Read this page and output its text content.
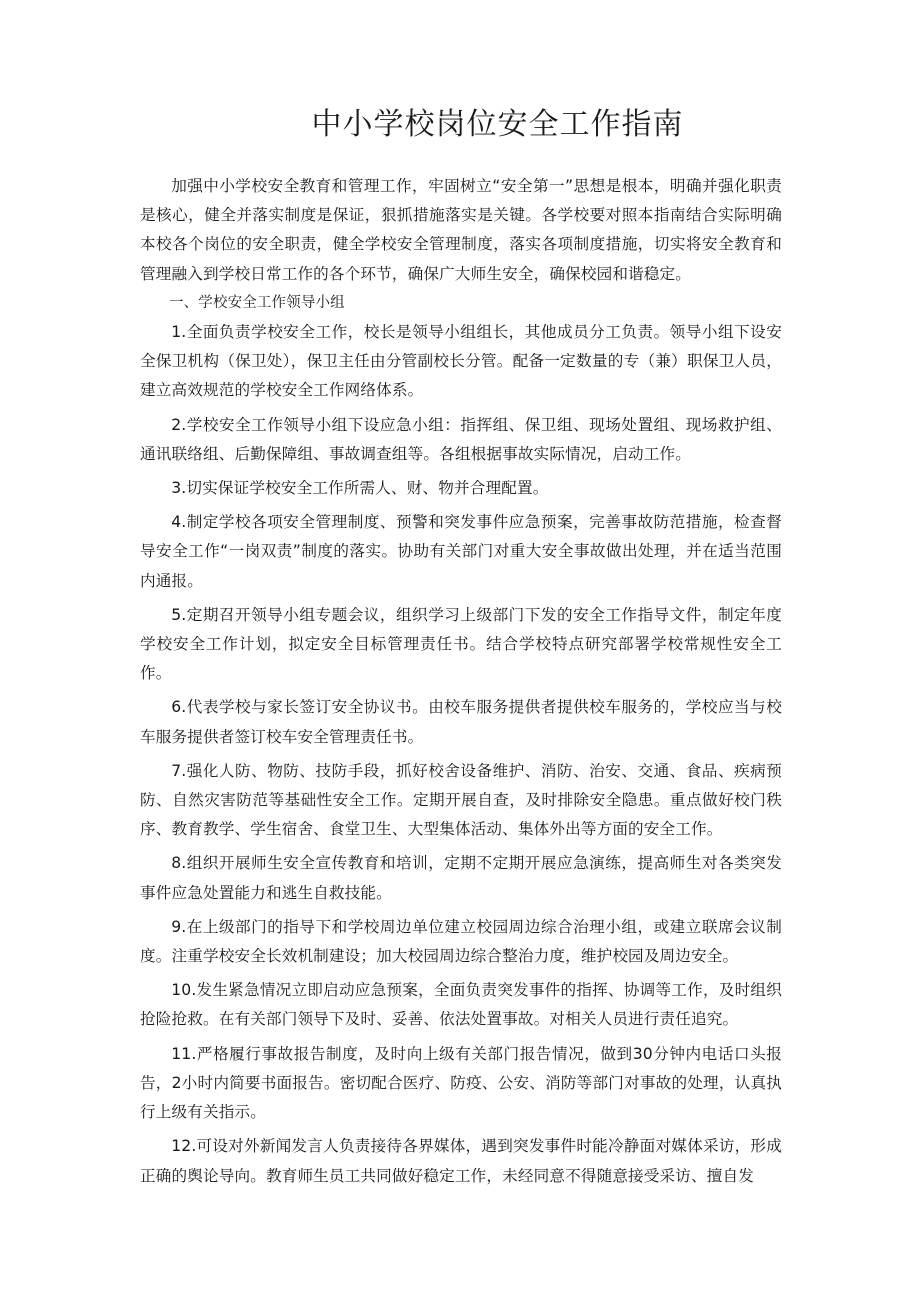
中小学校岗位安全工作指南

加强中小学校安全教育和管理工作，牢固树立“安全第一”思想是根本，明确并强化职责是核心，健全并落实制度是保证，狠抓措施落实是关键。各学校要对照本指南结合实际明确本校各个岗位的安全职责，健全学校安全管理制度，落实各项制度措施，切实将安全教育和管理融入到学校日常工作的各个环节，确保广大师生安全，确保校园和谐稳定。

一、学校安全工作领导小组

1.全面负责学校安全工作，校长是领导小组组长，其他成员分工负责。领导小组下设安全保卫机构（保卫处），保卫主任由分管副校长分管。配备一定数量的专（兼）职保卫人员，建立高效规范的学校安全工作网络体系。

2.学校安全工作领导小组下设应急小组：指挥组、保卫组、现场处置组、现场救护组、通讯联络组、后勤保障组、事故调查组等。各组根据事故实际情况，启动工作。

3.切实保证学校安全工作所需人、财、物并合理配置。

4.制定学校各项安全管理制度、预警和突发事件应急预案，完善事故防范措施，检查督导安全工作“一岗双责”制度的落实。协助有关部门对重大安全事故做出处理，并在适当范围内通报。

5.定期召开领导小组专题会议，组织学习上级部门下发的安全工作指导文件，制定年度学校安全工作计划，拟定安全目标管理责任书。结合学校特点研究部署学校常规性安全工作。

6.代表学校与家长签订安全协议书。由校车服务提供者提供校车服务的，学校应当与校车服务提供者签订校车安全管理责任书。

7.强化人防、物防、技防手段，抓好校舍设备维护、消防、治安、交通、食品、疾病预防、自然灾害防范等基础性安全工作。定期开展自查，及时排除安全隐患。重点做好校门秩序、教育教学、学生宿舍、食堂卫生、大型集体活动、集体外出等方面的安全工作。

8.组织开展师生安全宣传教育和培训，定期不定期开展应急演练，提高师生对各类突发事件应急处置能力和逃生自救技能。

9.在上级部门的指导下和学校周边单位建立校园周边综合治理小组，或建立联席会议制度。注重学校安全长效机制建设；加大校园周边综合整治力度，维护校园及周边安全。

10.发生紧急情况立即启动应急预案，全面负责突发事件的指挥、协调等工作，及时组织抢险抢救。在有关部门领导下及时、妥善、依法处置事故。对相关人员进行责任追究。

11.严格履行事故报告制度，及时向上级有关部门报告情况，做到30分钟内电话口头报告，2小时内简要书面报告。密切配合医疗、防疫、公安、消防等部门对事故的处理，认真执行上级有关指示。

12.可设对外新闻发言人负责接待各界媒体，遇到突发事件时能冷静面对媒体采访，形成正确的舆论导向。教育师生员工共同做好稳定工作，未经同意不得随意接受采访、擅自发
